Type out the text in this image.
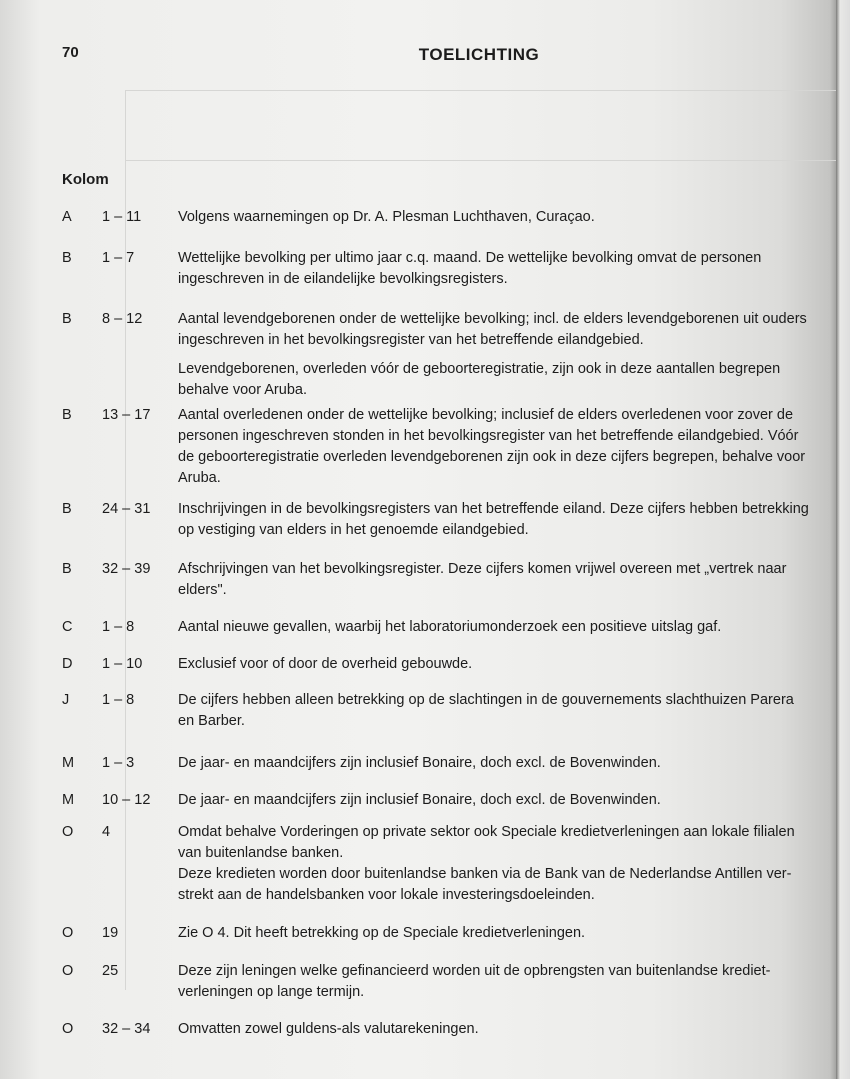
70	TOELICHTING
Kolom
A	1 – 11	Volgens waarnemingen op Dr. A. Plesman Luchthaven, Curaçao.

B	1 – 7	Wettelijke bevolking per ultimo jaar c.q. maand. De wettelijke bevolking omvat de personen

ingeschreven in de eilandelijke bevolkingsregisters.

B	8 – 12	Aantal levendgeborenen onder de wettelijke bevolking; incl. de elders levendgeborenen uit ouders

ingeschreven in het bevolkingsregister van het betreffende eilandgebied.

Levendgeborenen, overleden vóór de geboorteregistratie, zijn ook in deze aantallen begrepen

behalve voor Aruba.

B	13 – 17	Aantal overledenen onder de wettelijke bevolking; inclusief de elders overledenen voor zover de

personen ingeschreven stonden in het bevolkingsregister van het betreffende eilandgebied. Vóór

de geboorteregistratie overleden levendgeborenen zijn ook in deze cijfers begrepen, behalve voor

Aruba.

B	24 – 31	Inschrijvingen in de bevolkingsregisters van het betreffende eiland. Deze cijfers hebben betrekking

op vestiging van elders in het genoemde eilandgebied.

B	32 – 39	Afschrijvingen van het bevolkingsregister. Deze cijfers komen vrijwel overeen met „vertrek naar

elders".

C	1 – 8	Aantal nieuwe gevallen, waarbij het laboratoriumonderzoek een positieve uitslag gaf.

D	1 – 10	Exclusief voor of door de overheid gebouwde.

J	1 – 8	De cijfers hebben alleen betrekking op de slachtingen in de gouvernements slachthuizen Parera

en Barber.

M	1 – 3	De jaar- en maandcijfers zijn inclusief Bonaire, doch excl. de Bovenwinden.

M	10 – 12	De jaar- en maandcijfers zijn inclusief Bonaire, doch excl. de Bovenwinden.

O	4	Omdat behalve Vorderingen op private sektor ook Speciale kredietverleningen aan lokale filialen

van buitenlandse banken.

Deze kredieten worden door buitenlandse banken via de Bank van de Nederlandse Antillen ver-

strekt aan de handelsbanken voor lokale investeringsdoeleinden.

O	19	Zie O 4. Dit heeft betrekking op de Speciale kredietverleningen.

O	25	Deze zijn leningen welke gefinancieerd worden uit de opbrengsten van buitenlandse krediet-

verleningen op lange termijn.

O	32 – 34	Omvatten zowel guldens-als valutarekeningen.
